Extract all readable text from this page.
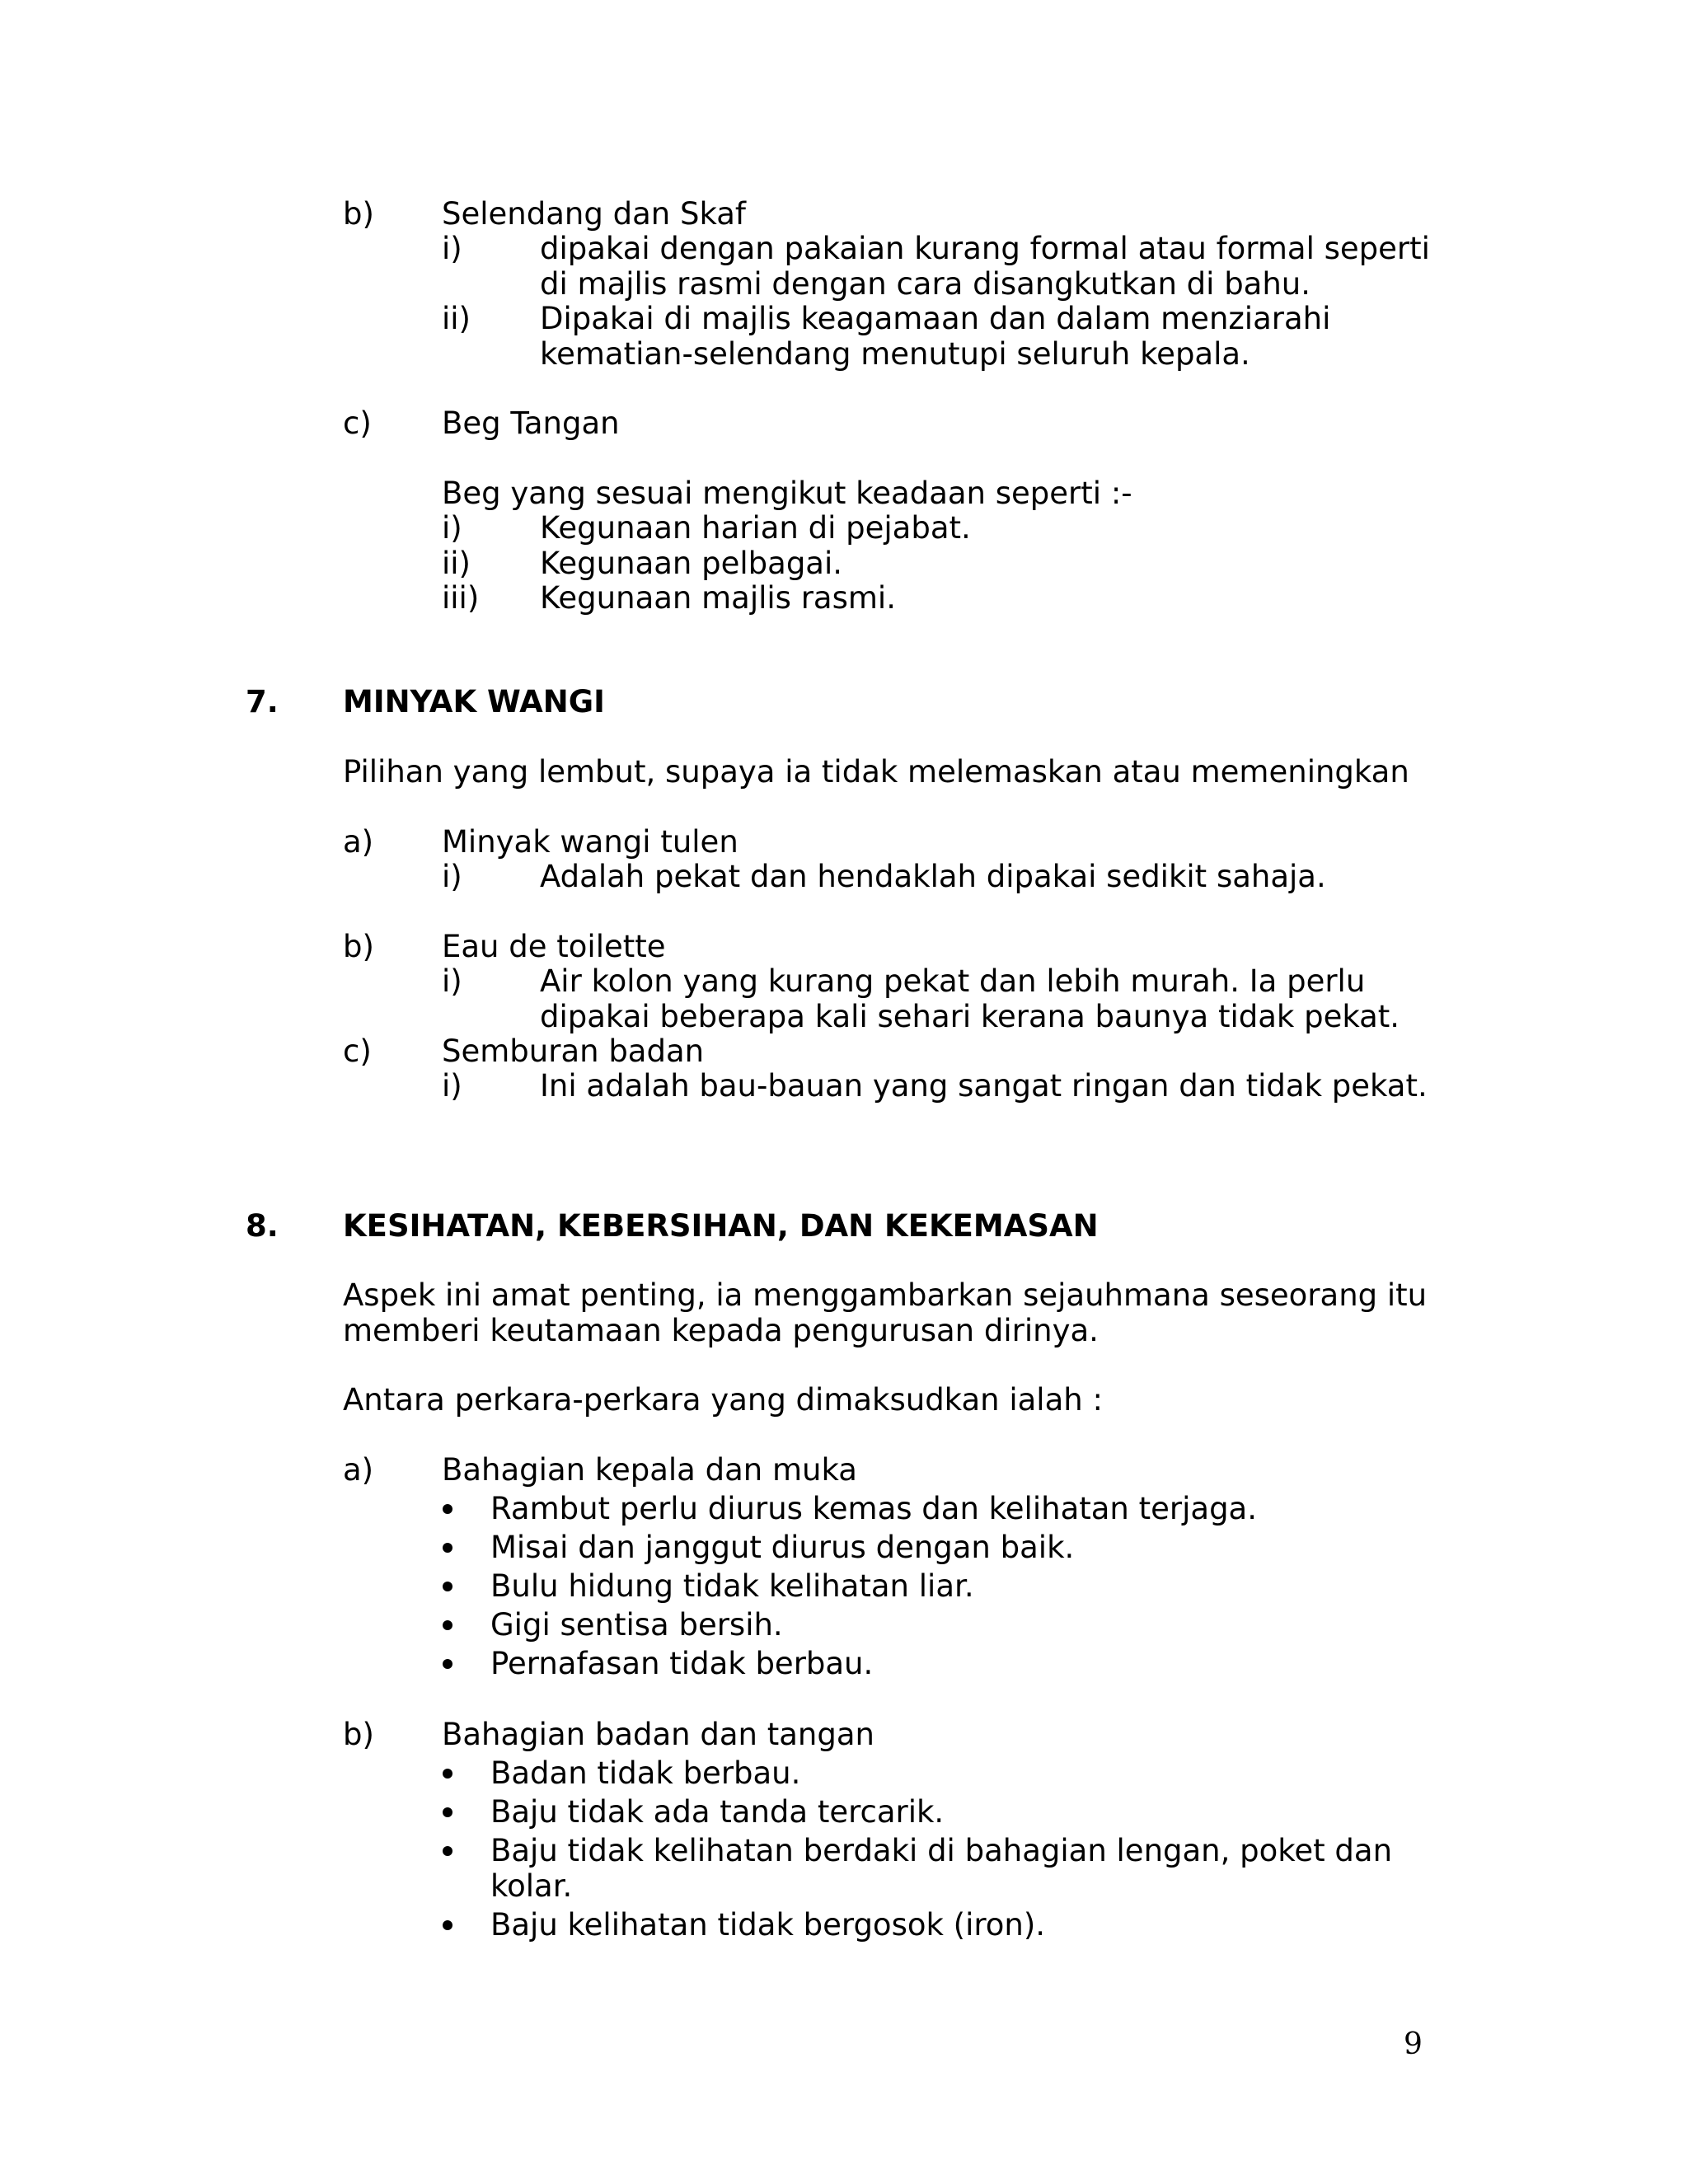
b) Selendang dan Skaf
i)	dipakai dengan pakaian kurang formal atau formal seperti
di majlis rasmi dengan cara disangkutkan di bahu.
ii) Dipakai di majlis keagamaan dan dalam menziarahi
kematian-selendang menutupi seluruh kepala.
c) Beg Tangan
Beg yang sesuai mengikut keadaan seperti :-
i)	Kegunaan harian di pejabat.
ii) Kegunaan pelbagai.
iii) Kegunaan majlis rasmi.
7. MINYAK WANGI
Pilihan yang lembut, supaya ia tidak melemaskan atau memeningkan
a) Minyak wangi tulen
i)	Adalah pekat dan hendaklah dipakai sedikit sahaja.
b) Eau de toilette
i)	Air kolon yang kurang pekat dan lebih murah. Ia perlu
dipakai beberapa kali sehari kerana baunya tidak pekat.
c) Semburan badan
i)	Ini adalah bau-bauan yang sangat ringan dan tidak pekat.
8. KESIHATAN, KEBERSIHAN, DAN KEKEMASAN
Aspek ini amat penting, ia menggambarkan sejauhmana seseorang itu
memberi keutamaan kepada pengurusan dirinya.
Antara perkara-perkara yang dimaksudkan ialah :
a) Bahagian kepala dan muka
Rambut perlu diurus kemas dan kelihatan terjaga.
Misai dan janggut diurus dengan baik.
Bulu hidung tidak kelihatan liar.
Gigi sentisa bersih.
Pernafasan tidak berbau.
b) Bahagian badan dan tangan
Badan tidak berbau.
Baju tidak ada tanda tercarik.
Baju tidak kelihatan berdaki di bahagian lengan, poket dan
kolar.
Baju kelihatan tidak bergosok (iron).
9
